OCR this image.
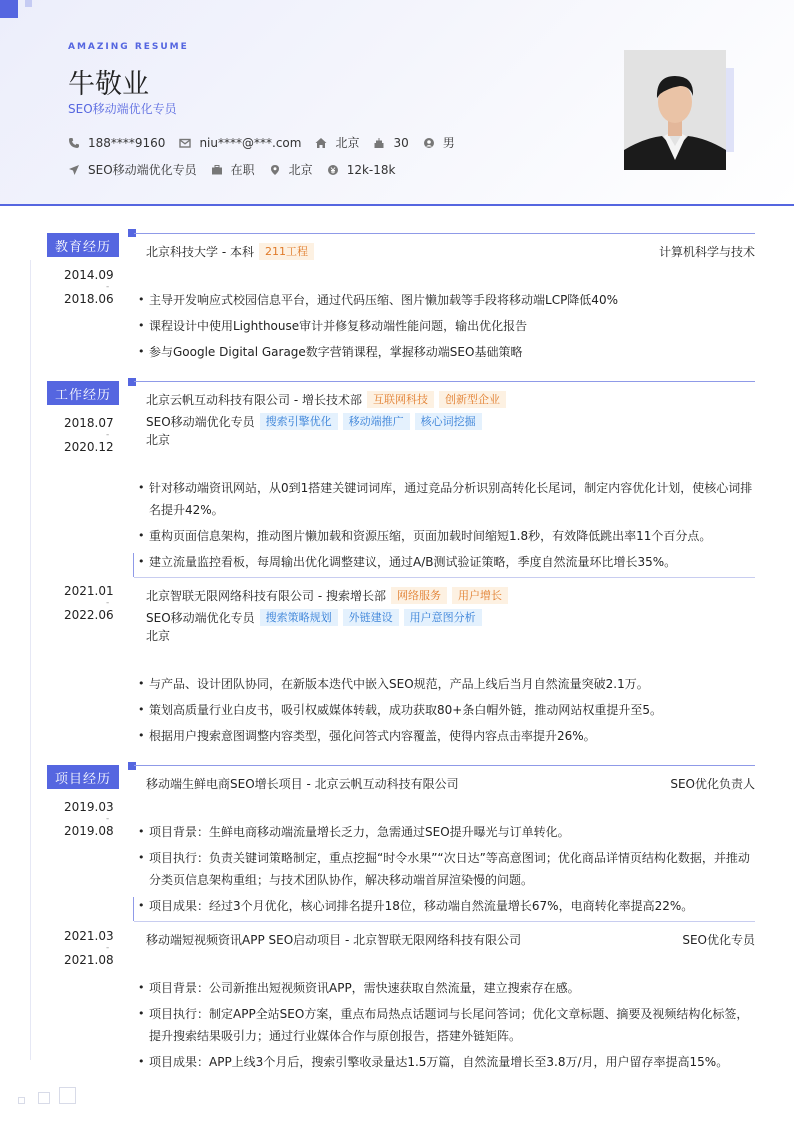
AMAZING RESUME
牛敬业
SEO移动端优化专员
188****9160	niu****@***.com	北京	30	男
SEO移动端优化专员	在职	北京	12k-18k
教育经历	北京科技大学 - 本科	211工程	计算机科学与技术
2014.09
-
2018.06	• 主导开发响应式校园信息平台，通过代码压缩、图片懒加载等手段将移动端LCP降低40%
• 课程设计中使用Lighthouse审计并修复移动端性能问题，输出优化报告
• 参与Google Digital Garage数字营销课程，掌握移动端SEO基础策略
工作经历	北京云帆互动科技有限公司 - 增长技术部	互联网科技	创新型企业
SEO移动端优化专员	搜索引擎优化	移动端推广	核心词挖掘
北京
2018.07
-
2020.12
• 针对移动端资讯网站，从0到1搭建关键词词库，通过竞品分析识别高转化长尾词，制定内容优化计划，使核心词排名提升42%。
• 重构页面信息架构，推动图片懒加载和资源压缩，页面加载时间缩短1.8秒，有效降低跳出率11个百分点。
• 建立流量监控看板，每周输出优化调整建议，通过A/B测试验证策略，季度自然流量环比增长35%。
北京智联无限网络科技有限公司 - 搜索增长部	网络服务	用户增长
SEO移动端优化专员	搜索策略规划	外链建设	用户意图分析
北京
2021.01
-
2022.06
• 与产品、设计团队协同，在新版本迭代中嵌入SEO规范，产品上线后当月自然流量突破2.1万。
• 策划高质量行业白皮书，吸引权威媒体转载，成功获取80+条白帽外链，推动网站权重提升至5。
• 根据用户搜索意图调整内容类型，强化问答式内容覆盖，使得内容点击率提升26%。
项目经历	移动端生鲜电商SEO增长项目 - 北京云帆互动科技有限公司	SEO优化负责人
2019.03
-
2019.08	• 项目背景：生鲜电商移动端流量增长乏力，急需通过SEO提升曝光与订单转化。
• 项目执行：负责关键词策略制定，重点挖掘“时令水果”“次日达”等高意图词；优化商品详情页结构化数据，并推动分类页信息架构重组；与技术团队协作，解决移动端首屏渲染慢的问题。
• 项目成果：经过3个月优化，核心词排名提升18位，移动端自然流量增长67%，电商转化率提高22%。
移动端短视频资讯APP SEO启动项目 - 北京智联无限网络科技有限公司	SEO优化专员
2021.03
-
2021.08
• 项目背景：公司新推出短视频资讯APP，需快速获取自然流量，建立搜索存在感。
• 项目执行：制定APP全站SEO方案，重点布局热点话题词与长尾问答词；优化文章标题、摘要及视频结构化标签，提升搜索结果吸引力；通过行业媒体合作与原创报告，搭建外链矩阵。
• 项目成果：APP上线3个月后，搜索引擎收录量达1.5万篇，自然流量增长至3.8万/月，用户留存率提高15%。
